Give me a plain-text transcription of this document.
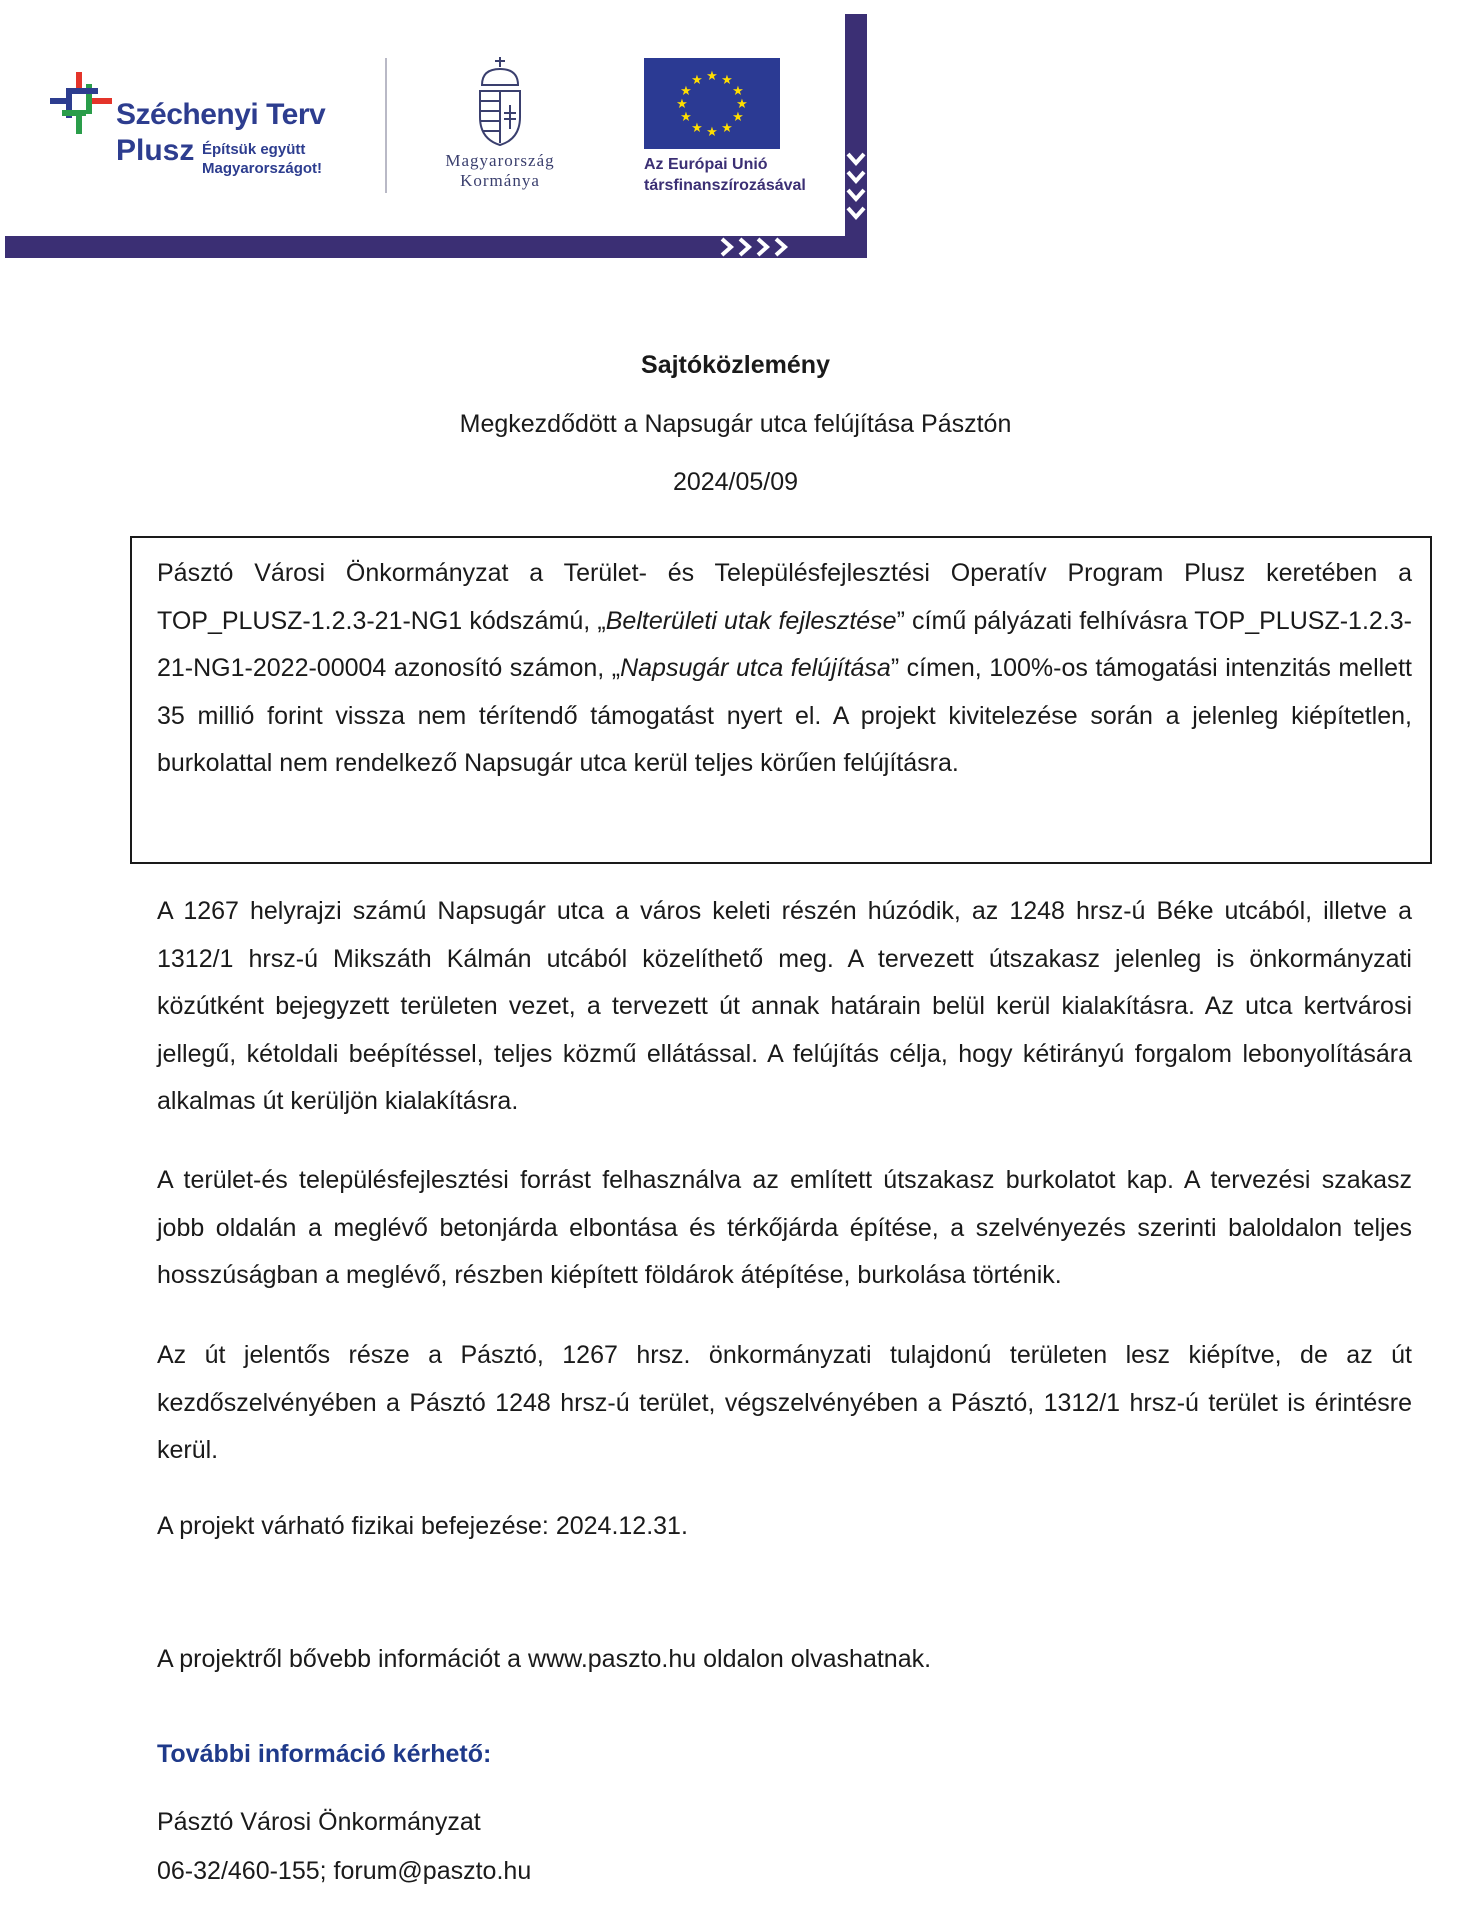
Széchenyi Terv
Plusz Építsük együtt
Magyarországot!	Magyarország
Kormánya
★ ★
★
★
★
★
★
★
★
★
★
★
Az Európai Unió
társfinanszírozásával
Sajtóközlemény
Megkezdődött a Napsugár utca felújítása Pásztón
2024/05/09

Pásztó Városi Önkormányzat a Terület- és Településfejlesztési Operatív Program Plusz keretében a TOP_PLUSZ-1.2.3-21-NG1 kódszámú, „Belterületi utak fejlesztése” című pályázati felhívásra TOP_PLUSZ-1.2.3-21-NG1-2022-00004 azonosító számon, „Napsugár utca felújítása” címen, 100%-os támogatási intenzitás mellett 35 millió forint vissza nem térítendő támogatást nyert el. A projekt kivitelezése során a jelenleg kiépítetlen, burkolattal nem rendelkező Napsugár utca kerül teljes körűen felújításra.

A 1267 helyrajzi számú Napsugár utca a város keleti részén húzódik, az 1248 hrsz-ú Béke utcából, illetve a 1312/1 hrsz-ú Mikszáth Kálmán utcából közelíthető meg. A tervezett útszakasz jelenleg is önkormányzati közútként bejegyzett területen vezet, a tervezett út annak határain belül kerül kialakításra. Az utca kertvárosi jellegű, kétoldali beépítéssel, teljes közmű ellátással. A felújítás célja, hogy kétirányú forgalom lebonyolítására alkalmas út kerüljön kialakításra.

A terület-és településfejlesztési forrást felhasználva az említett útszakasz burkolatot kap. A tervezési szakasz jobb oldalán a meglévő betonjárda elbontása és térkőjárda építése, a szelvényezés szerinti baloldalon teljes hosszúságban a meglévő, részben kiépített földárok átépítése, burkolása történik.

Az út jelentős része a Pásztó, 1267 hrsz. önkormányzati tulajdonú területen lesz kiépítve, de az út kezdőszelvényében a Pásztó 1248 hrsz-ú terület, végszelvényében a Pásztó, 1312/1 hrsz-ú terület is érintésre kerül.

A projekt várható fizikai befejezése: 2024.12.31.

A projektről bővebb információt a www.paszto.hu oldalon olvashatnak.

További információ kérhető:

Pásztó Városi Önkormányzat

06-32/460-155; forum@paszto.hu
